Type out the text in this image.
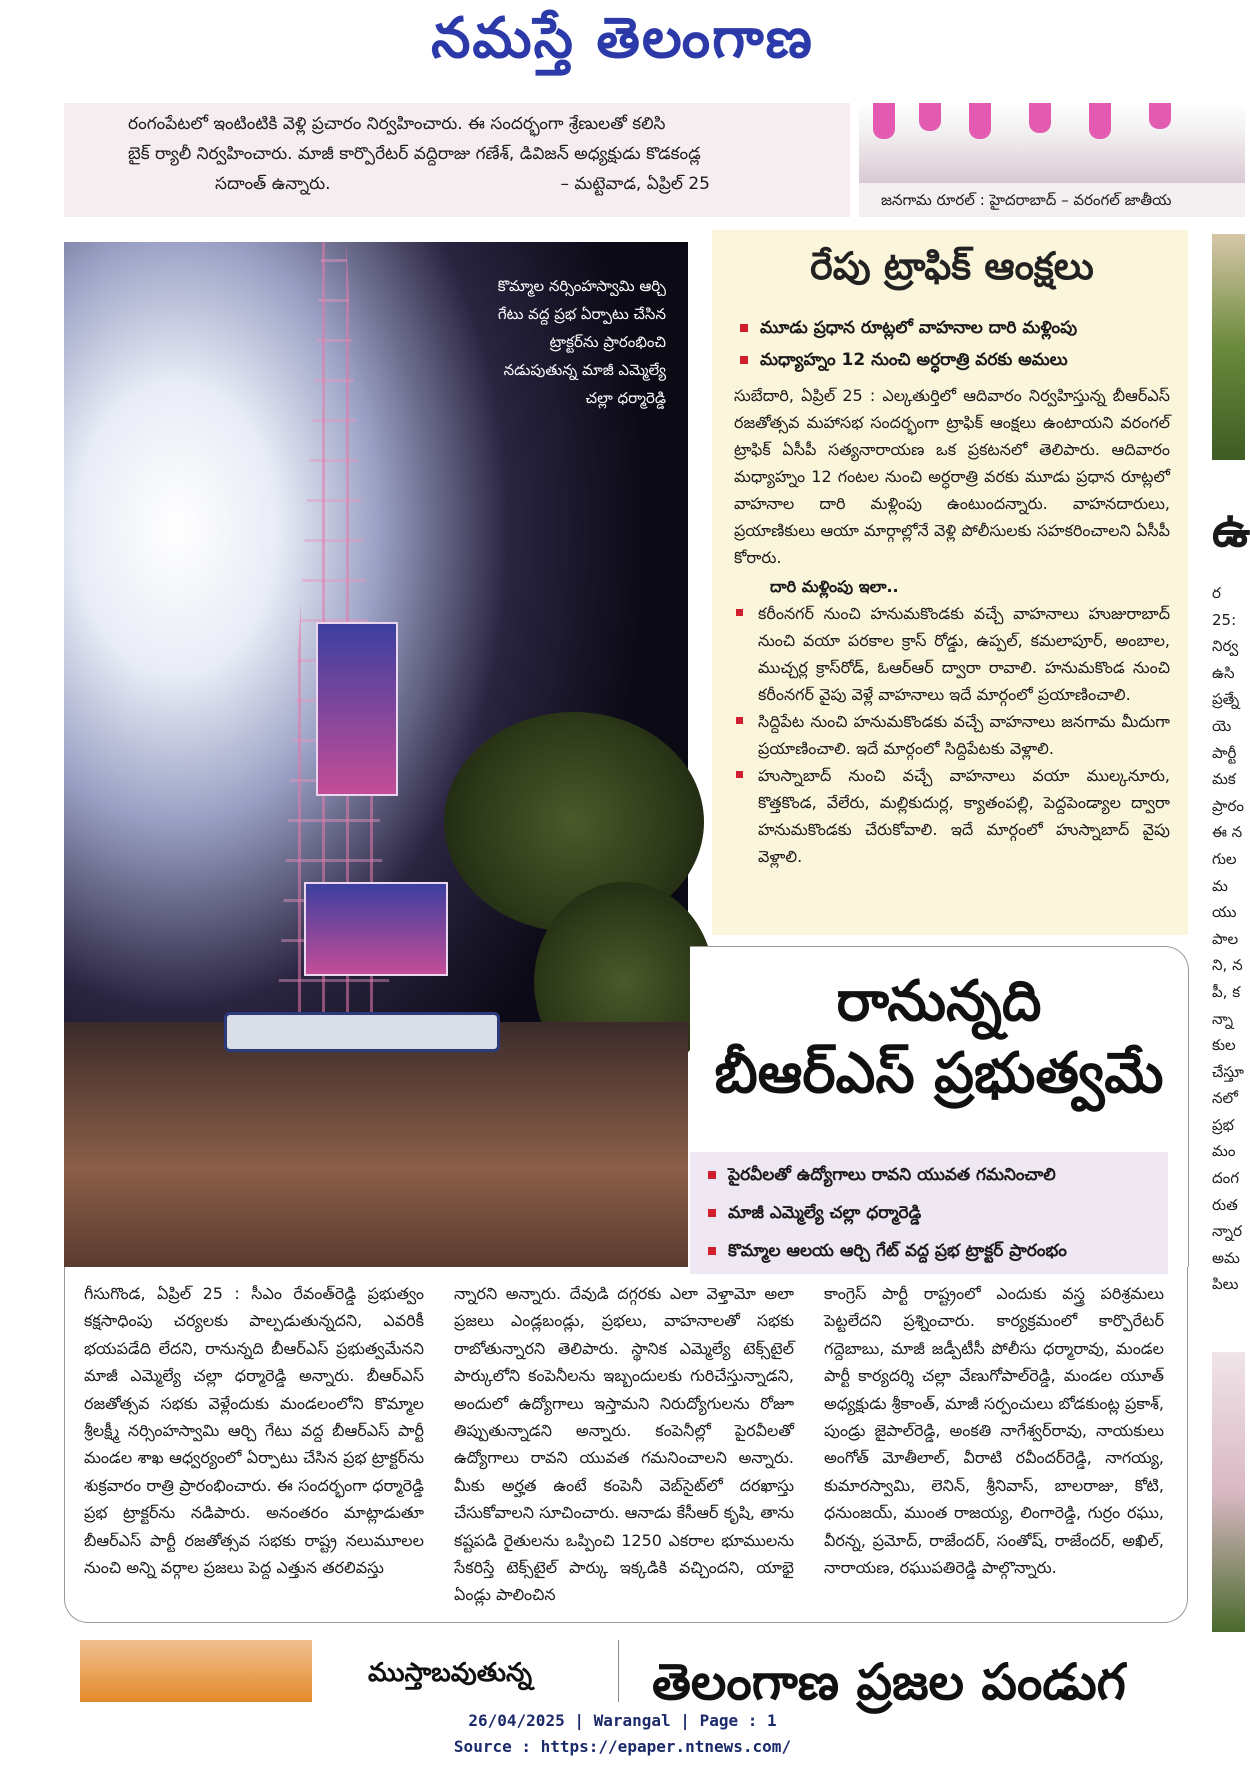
నమస్తే తెలంగాణ

రంగంపేటలో ఇంటింటికి వెళ్లి ప్రచారం నిర్వహించారు. ఈ సందర్భంగా శ్రేణులతో కలిసి

బైక్ ర్యాలీ నిర్వహించారు. మాజీ కార్పొరేటర్ వద్దిరాజు గణేశ్, డివిజన్ అధ్యక్షుడు కొడకండ్ల

సదాంత్ ఉన్నారు.	– మట్టెవాడ, ఏప్రిల్ 25

జనగామ రూరల్ : హైదరాబాద్ – వరంగల్ జాతీయ

కొమ్మాల నర్సింహస్వామి ఆర్చి

గేటు వద్ద ప్రభ ఏర్పాటు చేసిన

ట్రాక్టర్‌ను ప్రారంభించి

నడుపుతున్న మాజీ ఎమ్మెల్యే

చల్లా ధర్మారెడ్డి

రేపు ట్రాఫిక్ ఆంక్షలు

మూడు ప్రధాన రూట్లలో వాహనాల దారి మళ్లింపు

మధ్యాహ్నం 12 నుంచి అర్ధరాత్రి వరకు అమలు

సుబేదారి, ఏప్రిల్ 25 : ఎల్కతుర్తిలో ఆదివారం నిర్వహిస్తున్న బీఆర్‌ఎస్ రజతోత్సవ మహాసభ సందర్భంగా ట్రాఫిక్ ఆంక్షలు ఉంటాయని వరంగల్ ట్రాఫిక్ ఏసీపీ సత్యనారాయణ ఒక ప్రకటనలో తెలిపారు. ఆదివారం మధ్యాహ్నం 12 గంటల నుంచి అర్ధరాత్రి వరకు మూడు ప్రధాన రూట్లలో వాహనాల దారి మళ్లింపు ఉంటుందన్నారు. వాహనదారులు, ప్రయాణికులు ఆయా మార్గాల్లోనే వెళ్లి పోలీసులకు సహకరించాలని ఏసీపీ కోరారు.

దారి మళ్లింపు ఇలా..

కరీంనగర్ నుంచి హనుమకొండకు వచ్చే వాహనాలు హుజురాబాద్ నుంచి వయా పరకాల క్రాస్ రోడ్డు, ఉప్పల్, కమలాపూర్, అంబాల, ముచ్చర్ల క్రాస్‌రోడ్, ఓఆర్ఆర్ ద్వారా రావాలి. హనుమకొండ నుంచి కరీంనగర్ వైపు వెళ్లే వాహనాలు ఇదే మార్గంలో ప్రయాణించాలి.
సిద్దిపేట నుంచి హనుమకొండకు వచ్చే వాహనాలు జనగామ మీదుగా ప్రయాణించాలి. ఇదే మార్గంలో సిద్దిపేటకు వెళ్లాలి.
హుస్నాబాద్ నుంచి వచ్చే వాహనాలు వయా ముల్కనూరు, కొత్తకొండ, వేలేరు, మల్లికుదుర్ల, క్యాతంపల్లి, పెద్దపెండ్యాల ద్వారా హనుమకొండకు చేరుకోవాలి. ఇదే మార్గంలో హుస్నాబాద్ వైపు వెళ్లాలి.
రానున్నది
బీఆర్‌ఎస్ ప్రభుత్వమే

పైరవీలతో ఉద్యోగాలు రావని యువత గమనించాలి

మాజీ ఎమ్మెల్యే చల్లా ధర్మారెడ్డి

కొమ్మాల ఆలయ ఆర్చి గేట్ వద్ద ప్రభ ట్రాక్టర్ ప్రారంభం

గీసుగొండ, ఏప్రిల్ 25 : సీఎం రేవంత్‌రెడ్డి ప్రభుత్వం కక్షసాధింపు చర్యలకు పాల్పడుతున్నదని, ఎవరికీ భయపడేది లేదని, రానున్నది బీఆర్‌ఎస్ ప్రభుత్వమేనని మాజీ ఎమ్మెల్యే చల్లా ధర్మారెడ్డి అన్నారు. బీఆర్‌ఎస్ రజతోత్సవ సభకు వెళ్లేందుకు మండలంలోని కొమ్మాల శ్రీలక్ష్మీ నర్సింహస్వామి ఆర్చి గేటు వద్ద బీఆర్‌ఎస్ పార్టీ మండల శాఖ ఆధ్వర్యంలో ఏర్పాటు చేసిన ప్రభ ట్రాక్టర్‌ను శుక్రవారం రాత్రి ప్రారంభించారు. ఈ సందర్భంగా ధర్మారెడ్డి ప్రభ ట్రాక్టర్‌ను నడిపారు. అనంతరం మాట్లాడుతూ బీఆర్‌ఎస్ పార్టీ రజతోత్సవ సభకు రాష్ట్ర నలుమూలల నుంచి అన్ని వర్గాల ప్రజలు పెద్ద ఎత్తున తరలివస్తు

న్నారని అన్నారు. దేవుడి దగ్గరకు ఎలా వెళ్తామో అలా ప్రజలు ఎండ్లబండ్లు, ప్రభలు, వాహనాలతో సభకు రాబోతున్నారని తెలిపారు. స్థానిక ఎమ్మెల్యే టెక్స్‌టైల్ పార్కులోని కంపెనీలను ఇబ్బందులకు గురిచేస్తున్నాడని, అందులో ఉద్యోగాలు ఇస్తామని నిరుద్యోగులను రోజూ తిప్పుతున్నాడని అన్నారు. కంపెనీల్లో పైరవీలతో ఉద్యోగాలు రావని యువత గమనించాలని అన్నారు. మీకు అర్హత ఉంటే కంపెనీ వెబ్‌సైట్‌లో దరఖాస్తు చేసుకోవాలని సూచించారు. ఆనాడు కేసీఆర్ కృషి, తాను కష్టపడి రైతులను ఒప్పించి 1250 ఎకరాల భూములను సేకరిస్తే టెక్స్‌టైల్ పార్కు ఇక్కడికి వచ్చిందని, యాభై ఏండ్లు పాలించిన

కాంగ్రెస్ పార్టీ రాష్ట్రంలో ఎందుకు వస్త్ర పరిశ్రమలు పెట్టలేదని ప్రశ్నించారు. కార్యక్రమంలో కార్పొరేటర్ గద్దెబాబు, మాజీ జడ్పీటీసీ పోలీసు ధర్మారావు, మండల పార్టీ కార్యదర్శి చల్లా వేణుగోపాల్‌రెడ్డి, మండల యూత్ అధ్యక్షుడు శ్రీకాంత్, మాజీ సర్పంచులు బోడకుంట్ల ప్రకాశ్, పుండ్రు జైపాల్‌రెడ్డి, అంకతి నాగేశ్వర్‌రావు, నాయకులు అంగోత్ మోతీలాల్, వీరాటి రవీందర్‌రెడ్డి, నాగయ్య, కుమారస్వామి, లెనిన్, శ్రీనివాస్, బాలరాజు, కోటి, ధనుంజయ్, ముంత రాజయ్య, లింగారెడ్డి, గుర్రం రఘు, వీరన్న, ప్రమోద్, రాజేందర్, సంతోష్, రాజేందర్, అఖిల్, నారాయణ, రఘుపతిరెడ్డి పాల్గొన్నారు.

ఉ
ర
25:
నిర్వ
ఉసి
ప్రత్నే
యె
పార్టీ
మక
ప్రారం
ఈ న
గుల
మ
యు
పాల
ని, న
పీ, క
న్నా
కుల
చేస్తూ
నలో
ప్రభ
మం
దంగ
రుత
న్నార
అమ
పిలు
ముస్తాబవుతున్న తెలంగాణ ప్రజల పండుగ

26/04/2025 | Warangal | Page : 1

Source : https://epaper.ntnews.com/
